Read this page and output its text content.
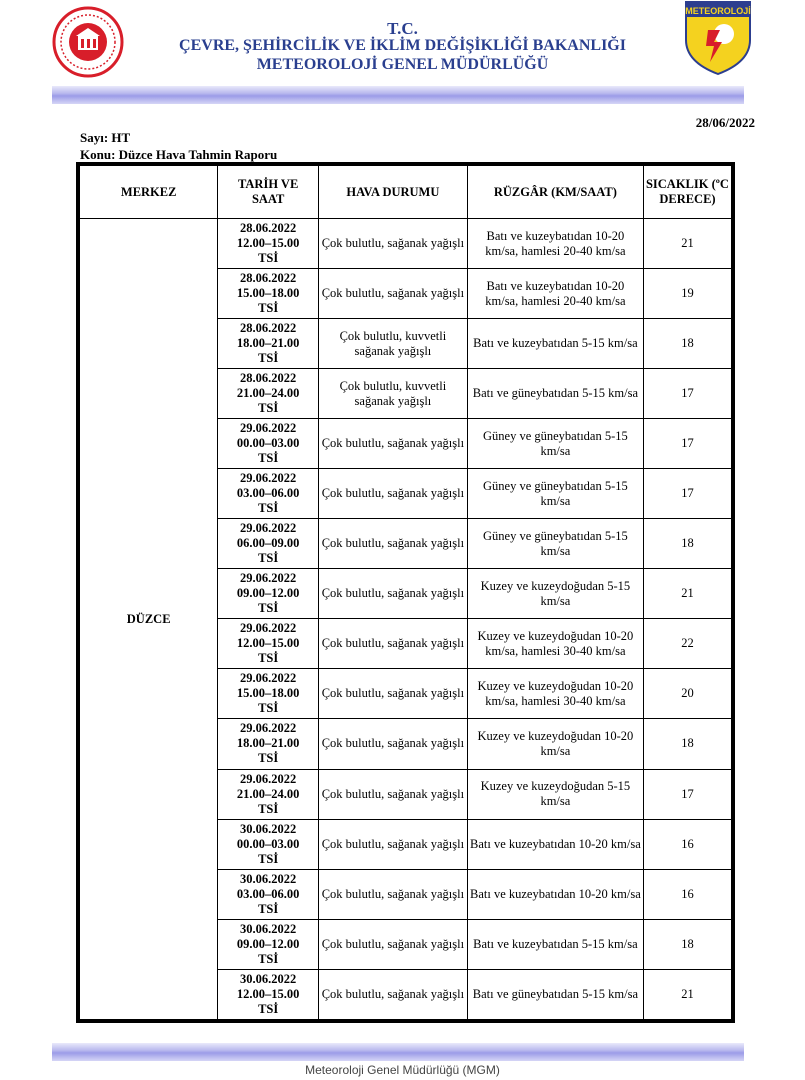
T.C.
ÇEVRE, ŞEHİRCİLİK VE İKLİM DEĞİŞİKLİĞİ BAKANLIĞI
METEOROLOJİ GENEL MÜDÜRLÜĞÜ
METEOROLOJİ
28/06/2022
Sayı: HT
Konu: Düzce Hava Tahmin Raporu
MERKEZ	TARİH VE SAAT	HAVA DURUMU	RÜZGÂR (KM/SAAT)	SICAKLIK (ºC DERECE)
DÜZCE	28.06.2022
12.00–15.00
TSİ	Çok bulutlu, sağanak yağışlı	Batı ve kuzeybatıdan 10-20 km/sa, hamlesi 20-40 km/sa	21

	28.06.2022
15.00–18.00
TSİ	Çok bulutlu, sağanak yağışlı	Batı ve kuzeybatıdan 10-20 km/sa, hamlesi 20-40 km/sa	19

	28.06.2022
18.00–21.00
TSİ	Çok bulutlu, kuvvetli sağanak yağışlı	Batı ve kuzeybatıdan 5-15 km/sa	18

	28.06.2022
21.00–24.00
TSİ	Çok bulutlu, kuvvetli sağanak yağışlı	Batı ve güneybatıdan 5-15 km/sa	17

	29.06.2022
00.00–03.00
TSİ	Çok bulutlu, sağanak yağışlı	Güney ve güneybatıdan 5-15 km/sa	17

	29.06.2022
03.00–06.00
TSİ	Çok bulutlu, sağanak yağışlı	Güney ve güneybatıdan 5-15 km/sa	17

	29.06.2022
06.00–09.00
TSİ	Çok bulutlu, sağanak yağışlı	Güney ve güneybatıdan 5-15 km/sa	18

	29.06.2022
09.00–12.00
TSİ	Çok bulutlu, sağanak yağışlı	Kuzey ve kuzeydoğudan 5-15 km/sa	21

	29.06.2022
12.00–15.00
TSİ	Çok bulutlu, sağanak yağışlı	Kuzey ve kuzeydoğudan 10-20 km/sa, hamlesi 30-40 km/sa	22

	29.06.2022
15.00–18.00
TSİ	Çok bulutlu, sağanak yağışlı	Kuzey ve kuzeydoğudan 10-20 km/sa, hamlesi 30-40 km/sa	20

	29.06.2022
18.00–21.00
TSİ	Çok bulutlu, sağanak yağışlı	Kuzey ve kuzeydoğudan 10-20 km/sa	18

	29.06.2022
21.00–24.00
TSİ	Çok bulutlu, sağanak yağışlı	Kuzey ve kuzeydoğudan 5-15 km/sa	17

	30.06.2022
00.00–03.00
TSİ	Çok bulutlu, sağanak yağışlı	Batı ve kuzeybatıdan 10-20 km/sa	16

	30.06.2022
03.00–06.00
TSİ	Çok bulutlu, sağanak yağışlı	Batı ve kuzeybatıdan 10-20 km/sa	16

	30.06.2022
09.00–12.00
TSİ	Çok bulutlu, sağanak yağışlı	Batı ve kuzeybatıdan 5-15 km/sa	18

	30.06.2022
12.00–15.00
TSİ	Çok bulutlu, sağanak yağışlı	Batı ve güneybatıdan 5-15 km/sa	21
Meteoroloji Genel Müdürlüğü (MGM)
